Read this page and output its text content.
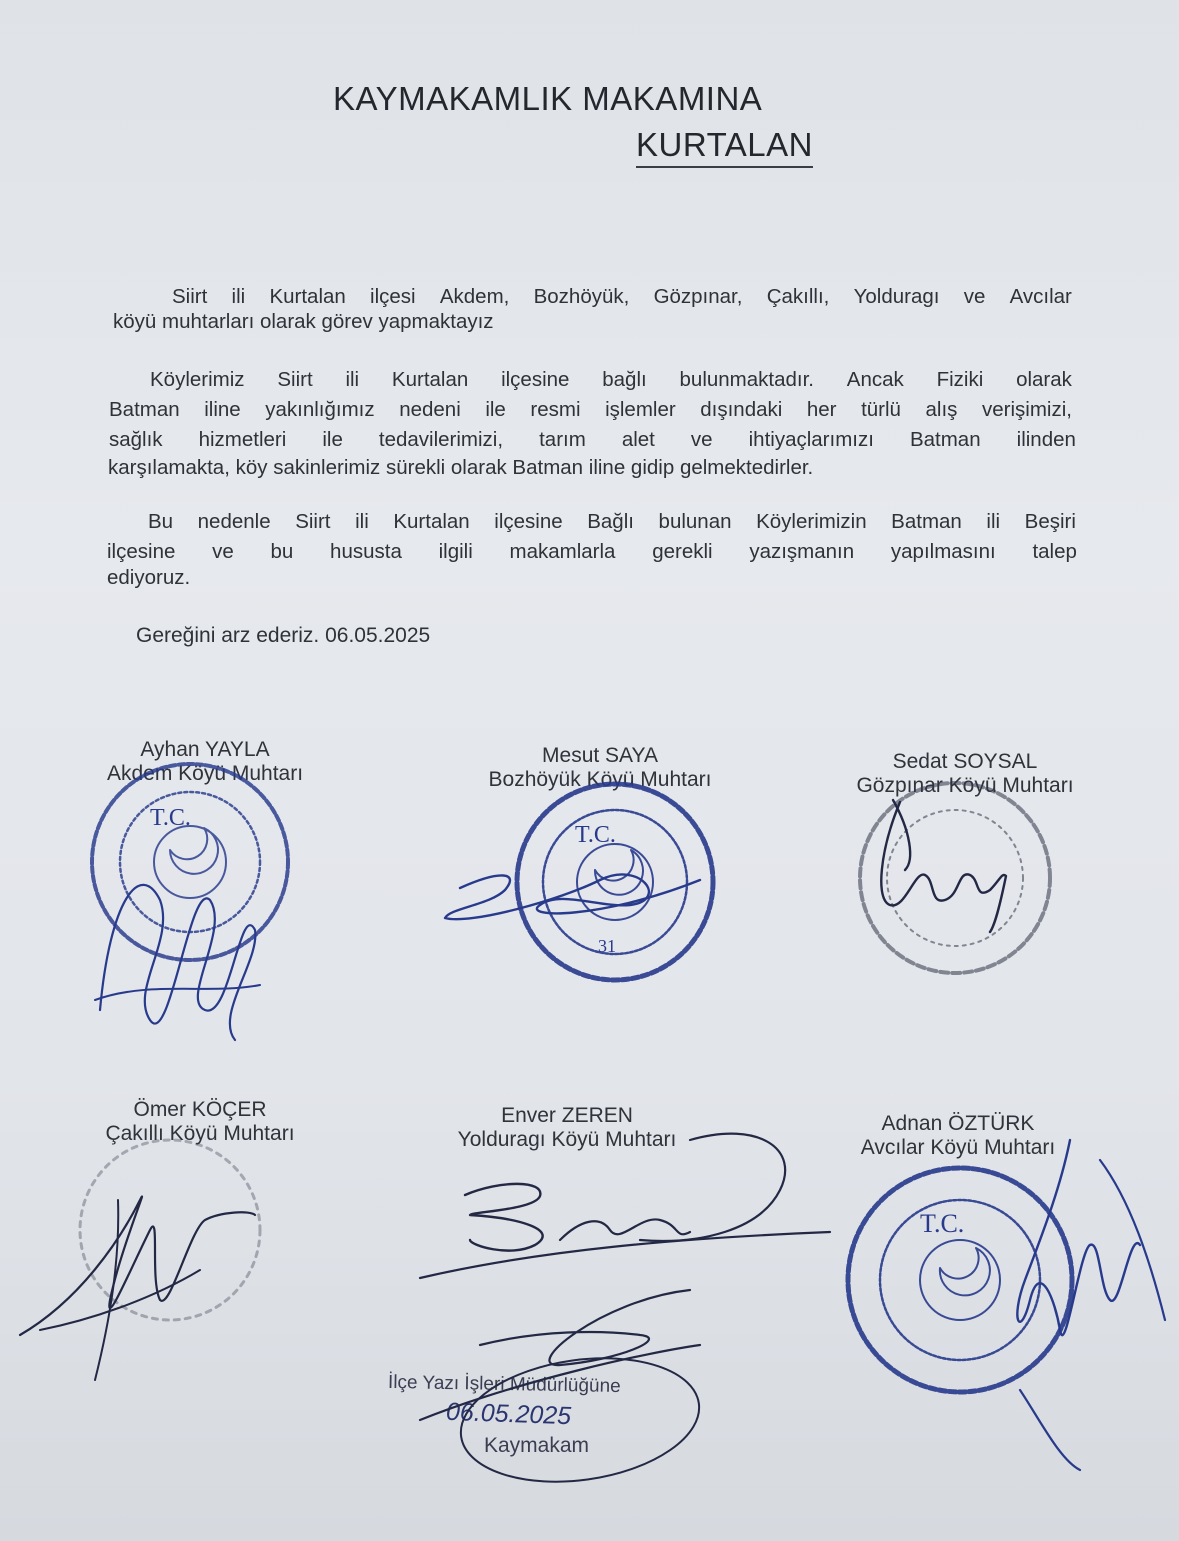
KAYMAKAMLIK MAKAMINA
KURTALAN
Siirt ili Kurtalan ilçesi Akdem, Bozhöyük, Gözpınar, Çakıllı, Yolduragı ve Avcılar
köyü muhtarları olarak görev yapmaktayız
Köylerimiz Siirt ili Kurtalan ilçesine bağlı bulunmaktadır. Ancak Fiziki olarak
Batman iline yakınlığımız nedeni ile resmi işlemler dışındaki her türlü alış verişimizi,
sağlık hizmetleri ile tedavilerimizi, tarım alet ve ihtiyaçlarımızı Batman ilinden
karşılamakta, köy sakinlerimiz sürekli olarak Batman iline gidip gelmektedirler.
Bu nedenle Siirt ili Kurtalan ilçesine Bağlı bulunan Köylerimizin Batman ili Beşiri
ilçesine ve bu hususta ilgili makamlarla gerekli yazışmanın yapılmasını talep
ediyoruz.
Gereğini arz ederiz. 06.05.2025
Ayhan YAYLA
Akdem Köyü Muhtarı
Mesut SAYA
Bozhöyük Köyü Muhtarı
Sedat SOYSAL
Gözpınar Köyü Muhtarı
Ömer KÖÇER
Çakıllı Köyü Muhtarı
Enver ZEREN
Yolduragı Köyü Muhtarı
Adnan ÖZTÜRK
Avcılar Köyü Muhtarı
İlçe Yazı İşleri Müdürlüğüne
06.05.2025
Kaymakam
T.C.
T.C.
31
T.C.
